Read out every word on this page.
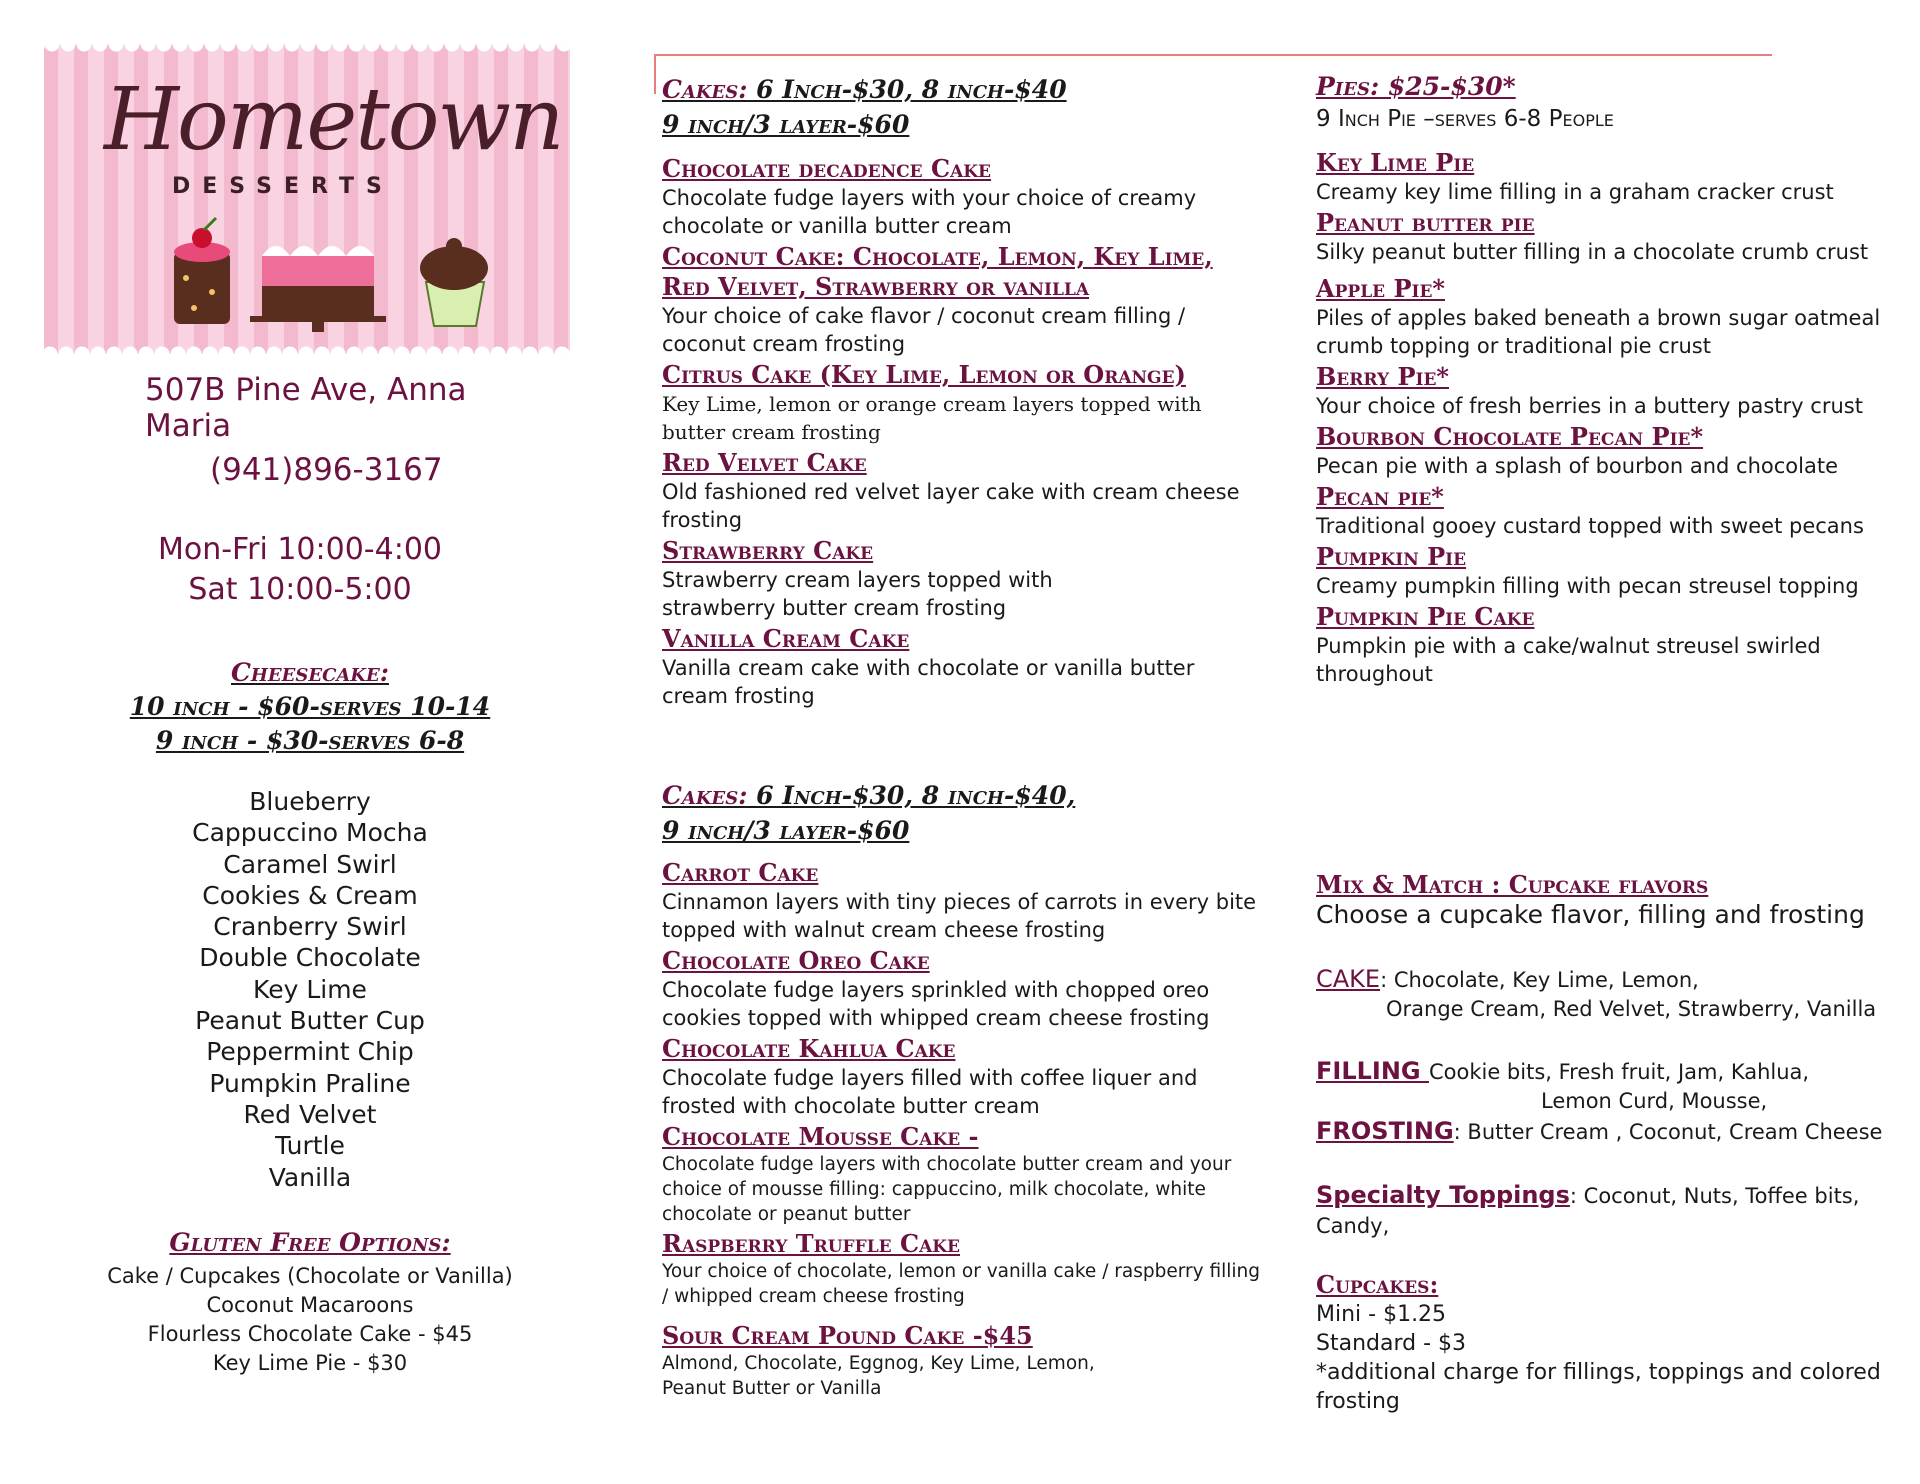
Hometown
DESSERTS
507B Pine Ave, Anna Maria
(941)896-3167
Mon-Fri 10:00-4:00
Sat 10:00-5:00
Cheesecake:
10 inch - $60-serves 10-14
9 inch - $30-serves 6-8
Blueberry
Cappuccino Mocha
Caramel Swirl
Cookies & Cream
Cranberry Swirl
Double Chocolate
Key Lime
Peanut Butter Cup
Peppermint Chip
Pumpkin Praline
Red Velvet
Turtle
Vanilla
Gluten Free Options:
Cake / Cupcakes (Chocolate or Vanilla)
Coconut Macaroons
Flourless Chocolate Cake - $45
Key Lime Pie - $30
Cakes: 6 Inch-$30, 8 inch-$40
9 inch/3 layer-$60
Chocolate decadence Cake
Chocolate fudge layers with your choice of creamy chocolate or vanilla butter cream
Coconut Cake: Chocolate, Lemon, Key Lime, Red Velvet, Strawberry or vanilla
Your choice of cake flavor / coconut cream filling / coconut cream frosting
Citrus Cake (Key Lime, Lemon or Orange)
Key Lime, lemon or orange cream layers topped with butter cream frosting
Red Velvet Cake
Old fashioned red velvet layer cake with cream cheese frosting
Strawberry Cake
Strawberry cream layers topped with strawberry butter cream frosting
Vanilla Cream Cake
Vanilla cream cake with chocolate or vanilla butter cream frosting
Cakes: 6 Inch-$30, 8 inch-$40,
9 inch/3 layer-$60
Carrot Cake
Cinnamon layers with tiny pieces of carrots in every bite topped with walnut cream cheese frosting
Chocolate Oreo Cake
Chocolate fudge layers sprinkled with chopped oreo cookies topped with whipped cream cheese frosting
Chocolate Kahlua Cake
Chocolate fudge layers filled with coffee liquer and frosted with chocolate butter cream
Chocolate Mousse Cake -
Chocolate fudge layers with chocolate butter cream and your choice of mousse filling: cappuccino, milk chocolate, white chocolate or peanut butter
Raspberry Truffle Cake
Your choice of chocolate, lemon or vanilla cake / raspberry filling / whipped cream cheese frosting
Sour Cream Pound Cake -$45
Almond, Chocolate, Eggnog, Key Lime, Lemon, Peanut Butter or Vanilla
Pies: $25-$30*
9 Inch Pie –serves 6-8 People
Key Lime Pie
Creamy key lime filling in a graham cracker crust
Peanut butter pie
Silky peanut butter filling in a chocolate crumb crust
Apple Pie*
Piles of apples baked beneath a brown sugar oatmeal crumb topping or traditional pie crust
Berry Pie*
Your choice of fresh berries in a buttery pastry crust
Bourbon Chocolate Pecan Pie*
Pecan pie with a splash of bourbon and chocolate
Pecan pie*
Traditional gooey custard topped with sweet pecans
Pumpkin Pie
Creamy pumpkin filling with pecan streusel topping
Pumpkin Pie Cake
Pumpkin pie with a cake/walnut streusel swirled throughout
Mix & Match : Cupcake flavors
Choose a cupcake flavor, filling and frosting
CAKE: Chocolate, Key Lime, Lemon,
Orange Cream, Red Velvet, Strawberry, Vanilla
FILLING Cookie bits, Fresh fruit, Jam, Kahlua,
Lemon Curd, Mousse,
FROSTING: Butter Cream , Coconut, Cream Cheese
Specialty Toppings: Coconut, Nuts, Toffee bits, Candy,
Cupcakes:
Mini - $1.25
Standard - $3
*additional charge for fillings, toppings and colored frosting
